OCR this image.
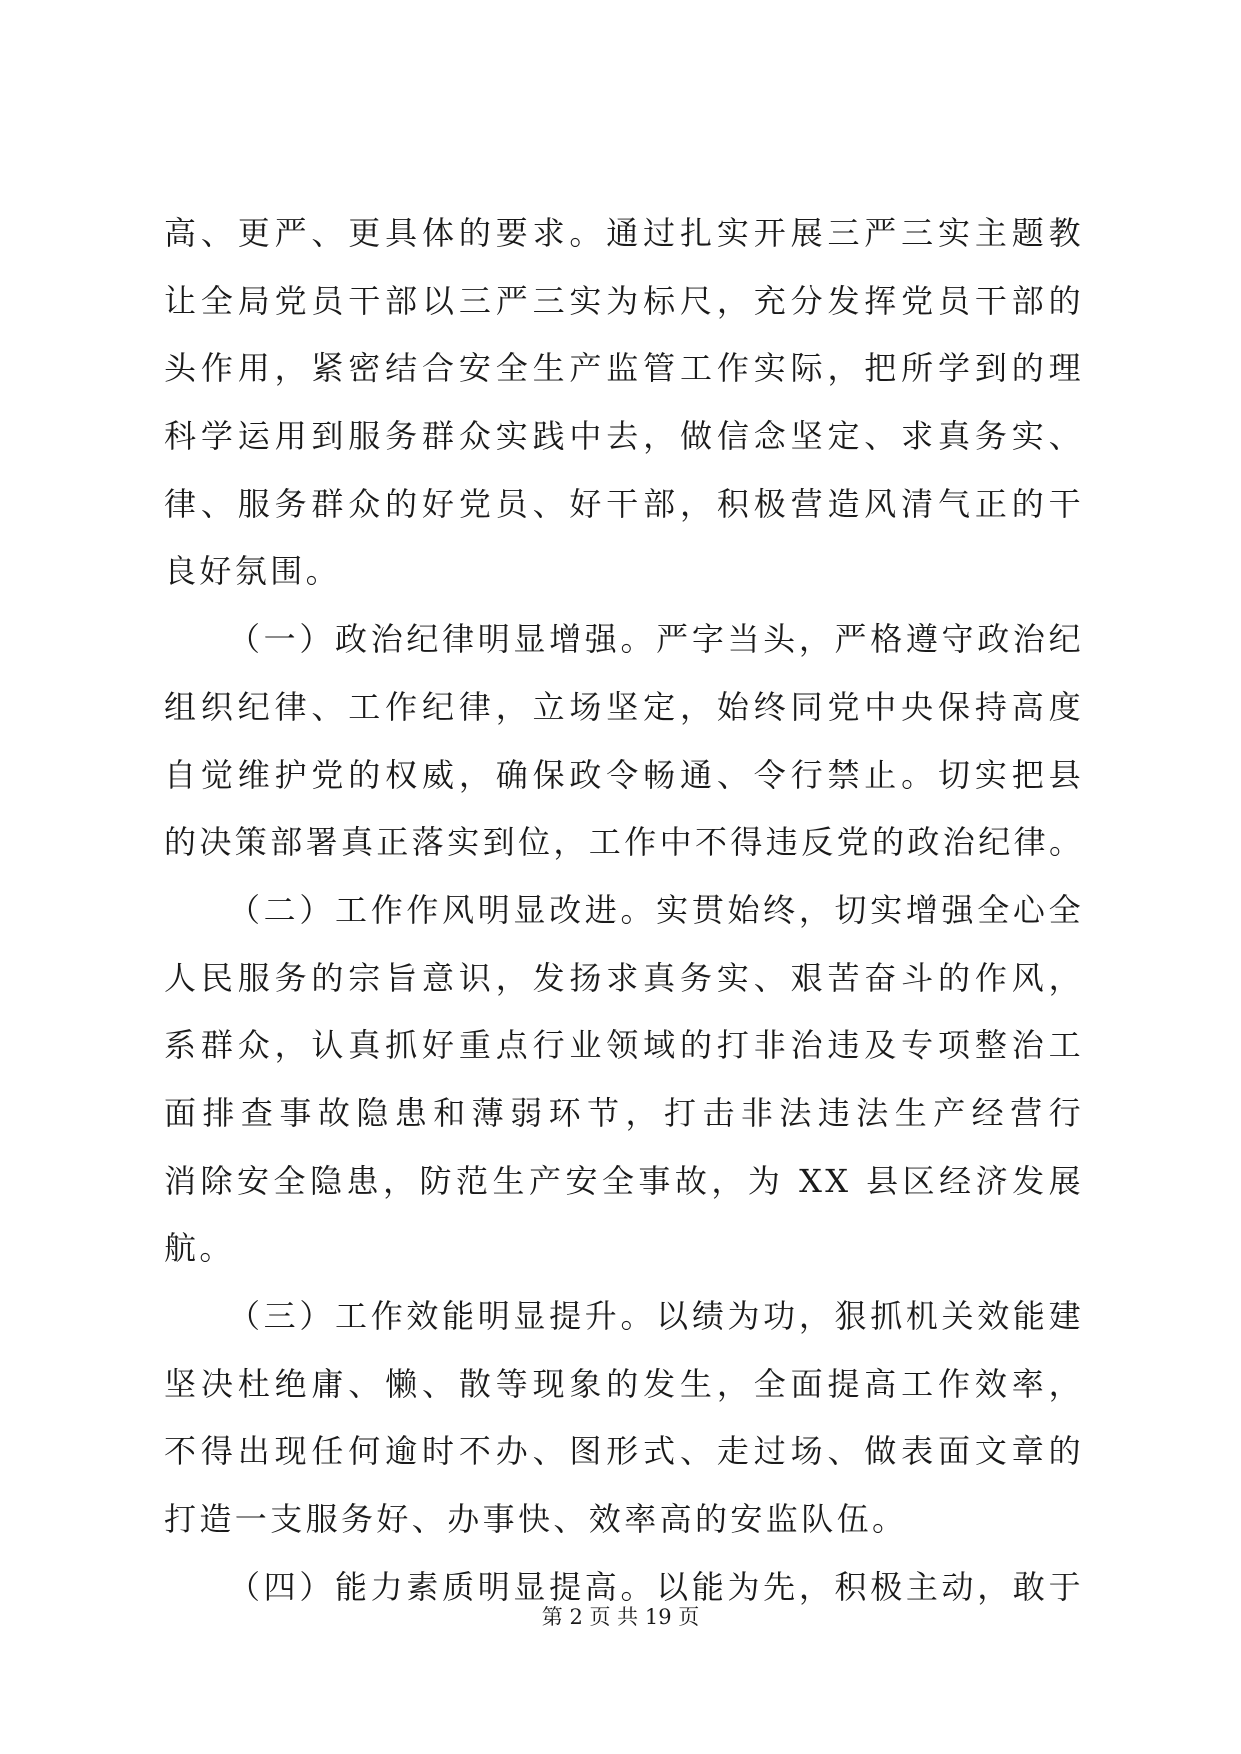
高、更严、更具体的要求。通过扎实开展三严三实主题教
让全局党员干部以三严三实为标尺，充分发挥党员干部的
头作用，紧密结合安全生产监管工作实际，把所学到的理
科学运用到服务群众实践中去，做信念坚定、求真务实、
律、服务群众的好党员、好干部，积极营造风清气正的干
良好氛围。
（一）政治纪律明显增强。严字当头，严格遵守政治纪
组织纪律、工作纪律，立场坚定，始终同党中央保持高度
自觉维护党的权威，确保政令畅通、令行禁止。切实把县
的决策部署真正落实到位，工作中不得违反党的政治纪律。
（二）工作作风明显改进。实贯始终，切实增强全心全
人民服务的宗旨意识，发扬求真务实、艰苦奋斗的作风，
系群众，认真抓好重点行业领域的打非治违及专项整治工
面排查事故隐患和薄弱环节，打击非法违法生产经营行
消除安全隐患，防范生产安全事故，为 XX 县区经济发展
航。
（三）工作效能明显提升。以绩为功，狠抓机关效能建
坚决杜绝庸、懒、散等现象的发生，全面提高工作效率，
不得出现任何逾时不办、图形式、走过场、做表面文章的
打造一支服务好、办事快、效率高的安监队伍。
（四）能力素质明显提高。以能为先，积极主动，敢于
第 2 页 共 19 页
